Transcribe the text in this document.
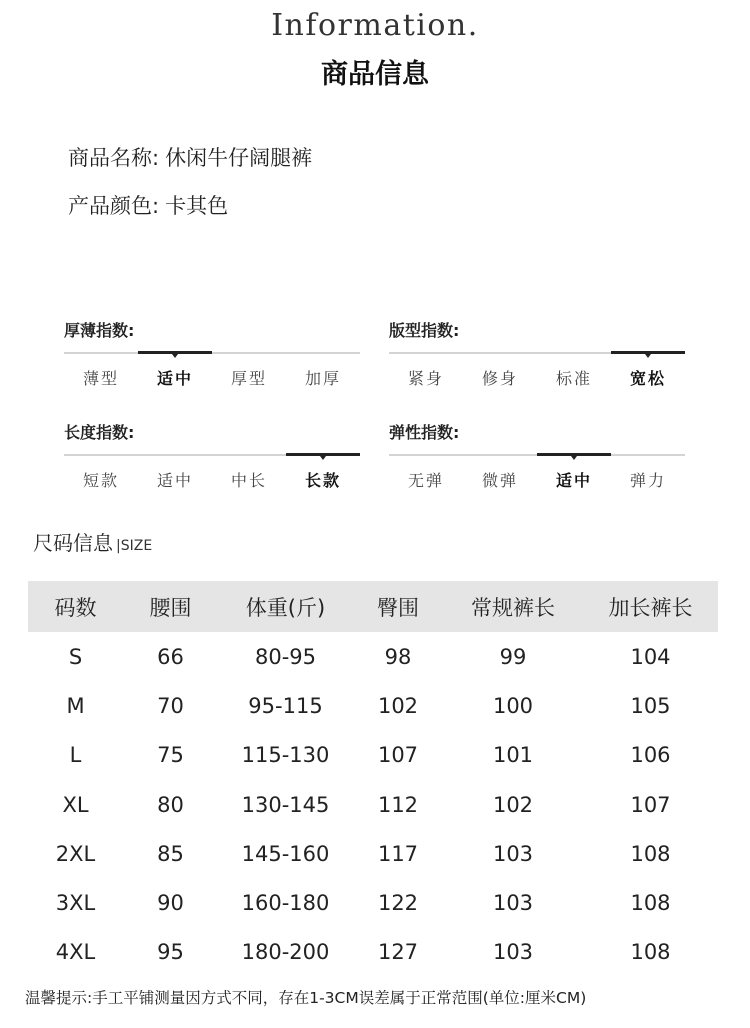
Information.
商品信息
商品名称: 休闲牛仔阔腿裤
产品颜色: 卡其色
厚薄指数:
薄型	适中	厚型	加厚
版型指数:
紧身	修身	标准	宽松
长度指数:
短款	适中	中长	长款
弹性指数:
无弹	微弹	适中	弹力
尺码信息 |SIZE
码数	腰围	体重(斤)	臀围	常规裤长	加长裤长
S	66	80-95	98	99	104
M	70	95-115	102	100	105
L	75	115-130	107	101	106
XL	80	130-145	112	102	107
2XL	85	145-160	117	103	108
3XL	90	160-180	122	103	108
4XL	95	180-200	127	103	108
温馨提示:手工平铺测量因方式不同，存在1-3CM误差属于正常范围(单位:厘米CM)
